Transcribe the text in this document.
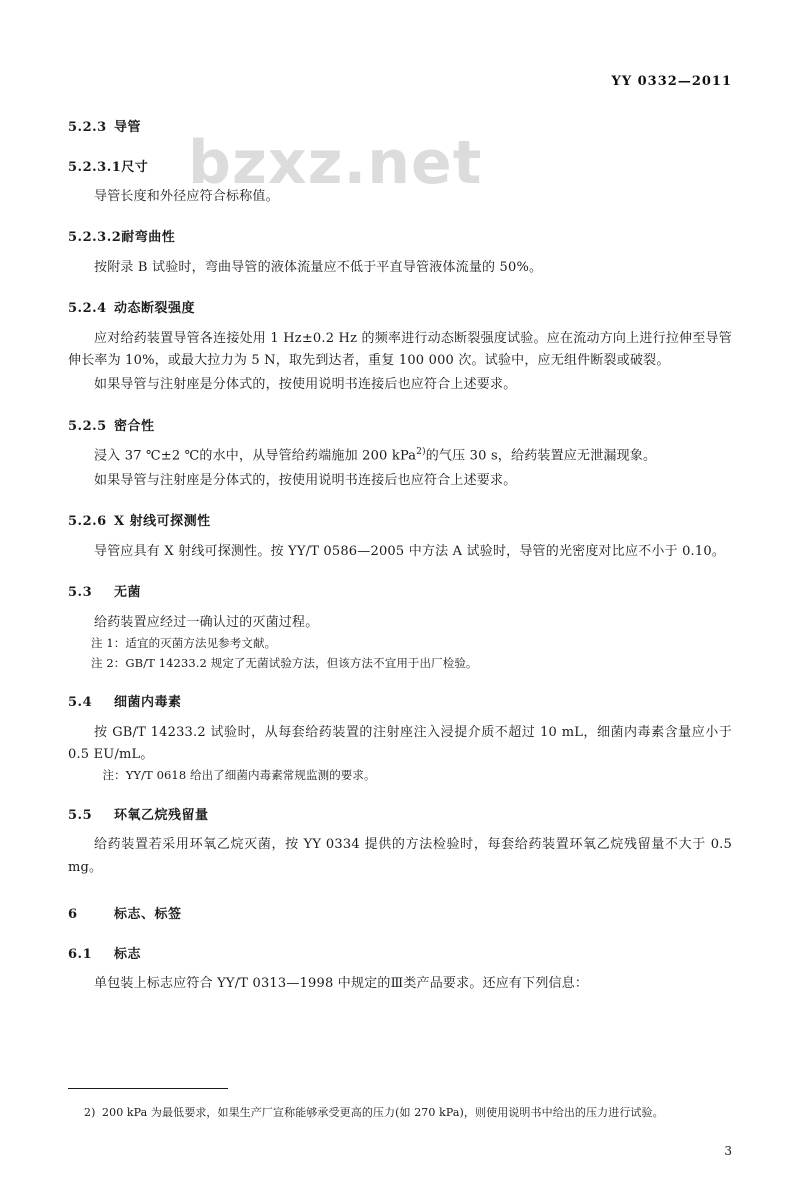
YY 0332—2011
bzxz.net
5.2.3 导管
5.2.3.1尺寸

导管长度和外径应符合标称值。

5.2.3.2耐弯曲性

按附录 B 试验时，弯曲导管的液体流量应不低于平直导管液体流量的 50%。

5.2.4 动态断裂强度

应对给药装置导管各连接处用 1 Hz±0.2 Hz 的频率进行动态断裂强度试验。应在流动方向上进行拉伸至导管伸长率为 10%，或最大拉力为 5 N，取先到达者，重复 100 000 次。试验中，应无组件断裂或破裂。

如果导管与注射座是分体式的，按使用说明书连接后也应符合上述要求。

5.2.5 密合性

浸入 37 ℃±2 ℃的水中，从导管给药端施加 200 kPa$^{2)}$的气压 30 s，给药装置应无泄漏现象。

如果导管与注射座是分体式的，按使用说明书连接后也应符合上述要求。

5.2.6 X 射线可探测性

导管应具有 X 射线可探测性。按 YY/T 0586—2005 中方法 A 试验时，导管的光密度对比应不小于 0.10。

5.3 无菌

给药装置应经过一确认过的灭菌过程。

注 1：适宜的灭菌方法见参考文献。

注 2：GB/T 14233.2 规定了无菌试验方法，但该方法不宜用于出厂检验。

5.4 细菌内毒素

按 GB/T 14233.2 试验时，从每套给药装置的注射座注入浸提介质不超过 10 mL，细菌内毒素含量应小于 0.5 EU/mL。

注：YY/T 0618 给出了细菌内毒素常规监测的要求。

5.5 环氧乙烷残留量

给药装置若采用环氧乙烷灭菌，按 YY 0334 提供的方法检验时，每套给药装置环氧乙烷残留量不大于 0.5 mg。

6	标志、标签
6.1 标志

单包装上标志应符合 YY/T 0313—1998 中规定的Ⅲ类产品要求。还应有下列信息：

2) 200 kPa 为最低要求，如果生产厂宣称能够承受更高的压力(如 270 kPa)，则使用说明书中给出的压力进行试验。
3
